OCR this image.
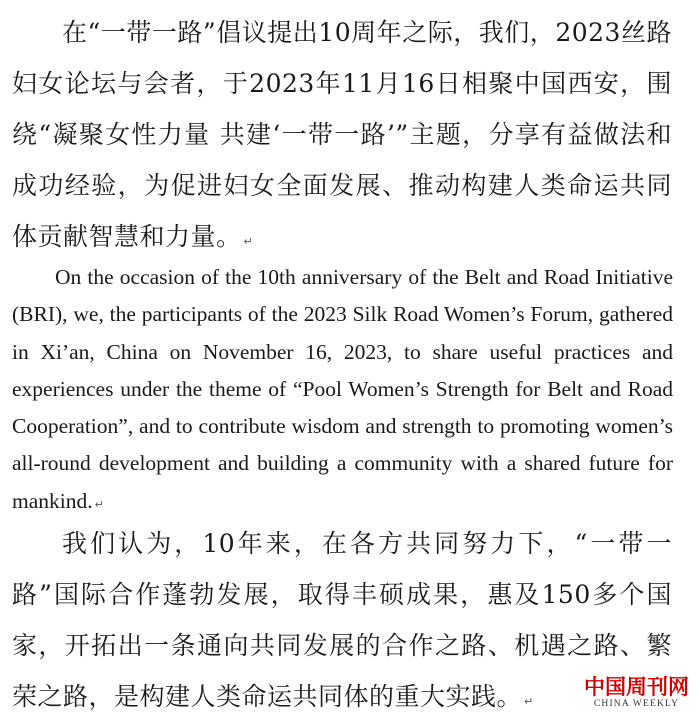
在“一带一路”倡议提出10周年之际，我们，2023丝路妇女论坛与会者，于2023年11月16日相聚中国西安，围绕“凝聚女性力量 共建‘一带一路’”主题，分享有益做法和成功经验，为促进妇女全面发展、推动构建人类命运共同体贡献智慧和力量。 ↵
On the occasion of the 10th anniversary of the Belt and Road Initiative (BRI), we, the participants of the 2023 Silk Road Women’s Forum, gathered in Xi’an, China on November 16, 2023, to share useful practices and experiences under the theme of “Pool Women’s Strength for Belt and Road Cooperation”, and to contribute wisdom and strength to promoting women’s all-round development and building a community with a shared future for mankind. ↵
我们认为，10年来，在各方共同努力下，“一带一路”国际合作蓬勃发展，取得丰硕成果，惠及150多个国家，开拓出一条通向共同发展的合作之路、机遇之路、繁荣之路，是构建人类命运共同体的重大实践。 ↵
中国周刊网
CHINA WEEKLY
